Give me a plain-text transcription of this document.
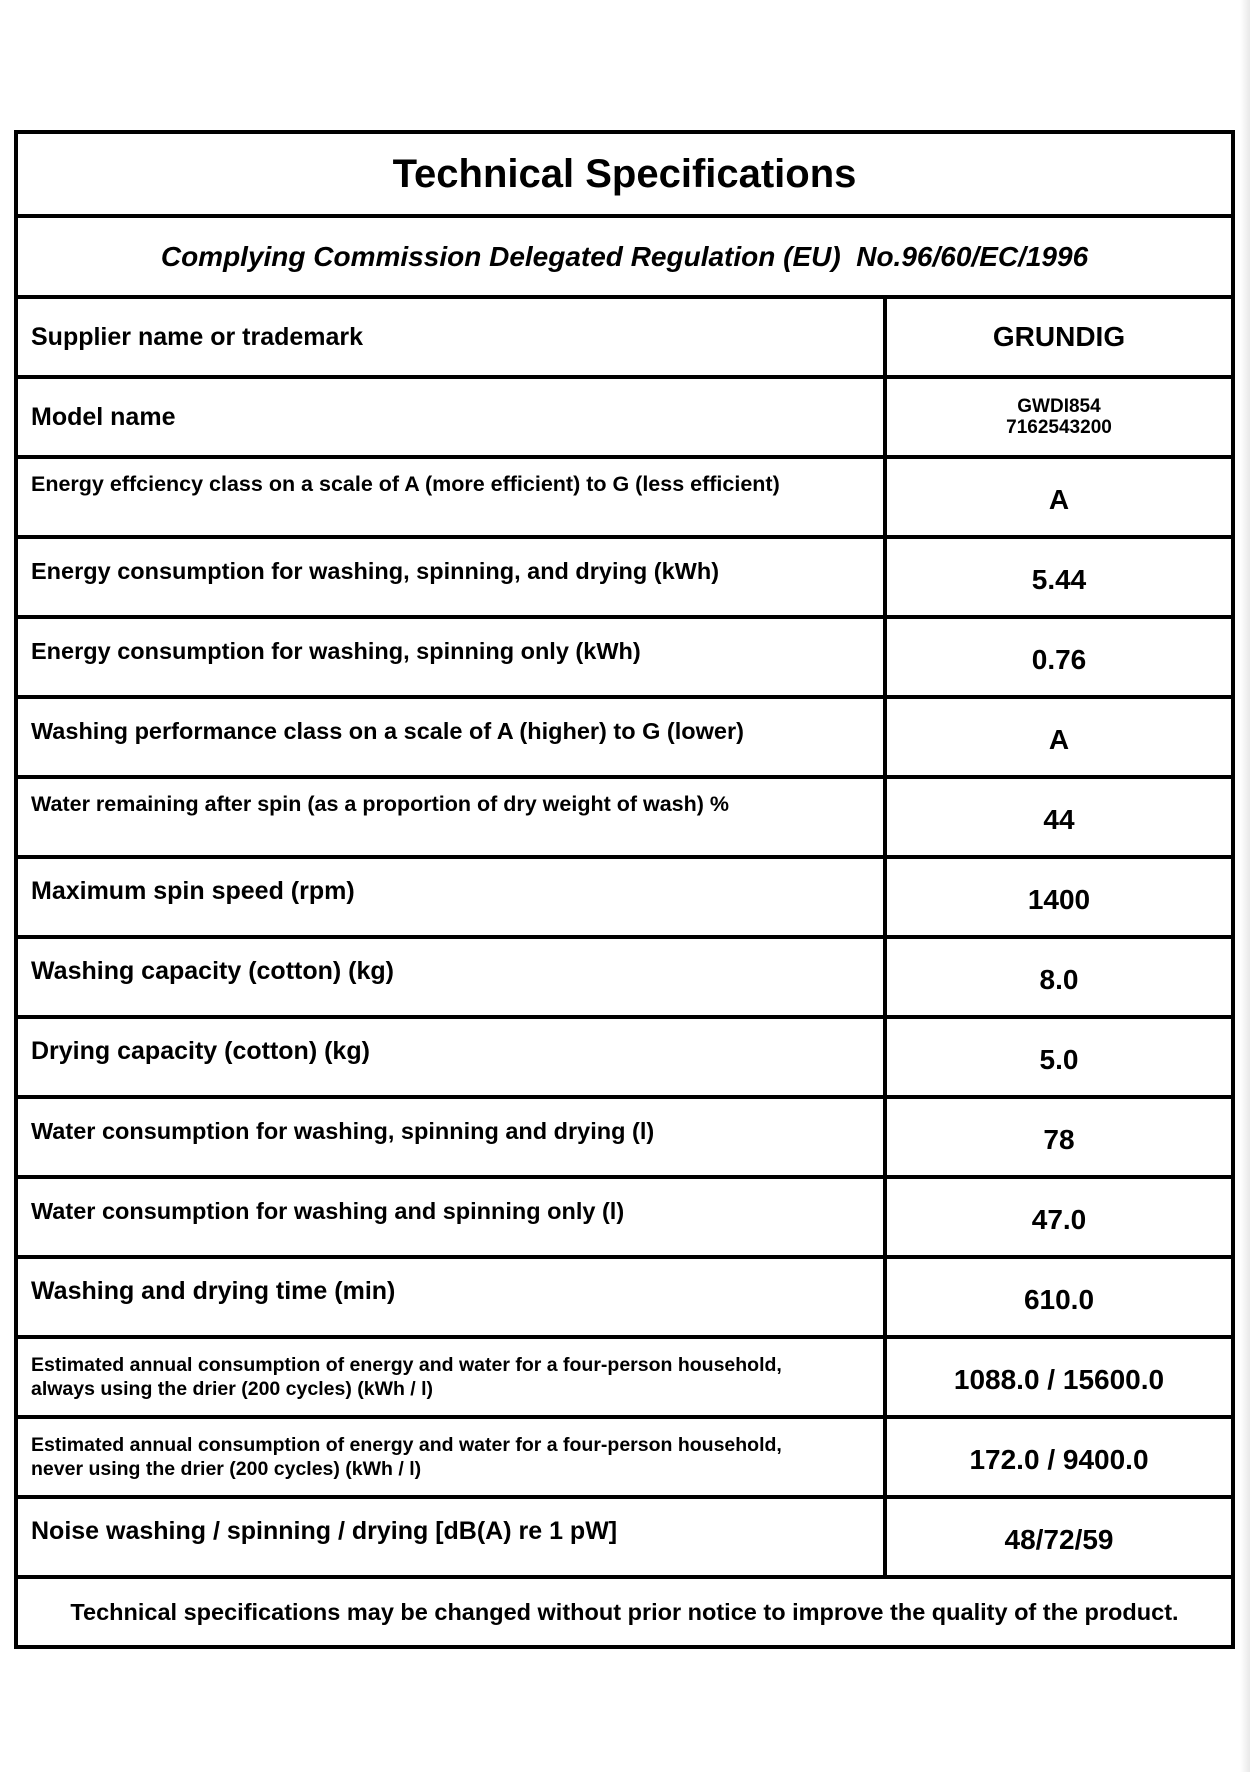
Technical Specifications
Complying Commission Delegated Regulation (EU)  No.96/60/EC/1996
Supplier name or trademark	GRUNDIG
Model name	GWDI854
7162543200
Energy effciency class on a scale of A (more efficient) to G (less efficient)	A
Energy consumption for washing, spinning, and drying (kWh)	5.44
Energy consumption for washing, spinning only (kWh)	0.76
Washing performance class on a scale of A (higher) to G (lower)	A
Water remaining after spin (as a proportion of dry weight of wash) %	44
Maximum spin speed (rpm)	1400
Washing capacity (cotton) (kg)	8.0
Drying capacity (cotton) (kg)	5.0
Water consumption for washing, spinning and drying (l)	78
Water consumption for washing and spinning only (l)	47.0
Washing and drying time (min)	610.0
Estimated annual consumption of energy and water for a four-person household,
always using the drier (200 cycles) (kWh / l)	1088.0 / 15600.0
Estimated annual consumption of energy and water for a four-person household,
never using the drier (200 cycles) (kWh / l)	172.0 / 9400.0
Noise washing / spinning / drying [dB(A) re 1 pW]	48/72/59
Technical specifications may be changed without prior notice to improve the quality of the product.
